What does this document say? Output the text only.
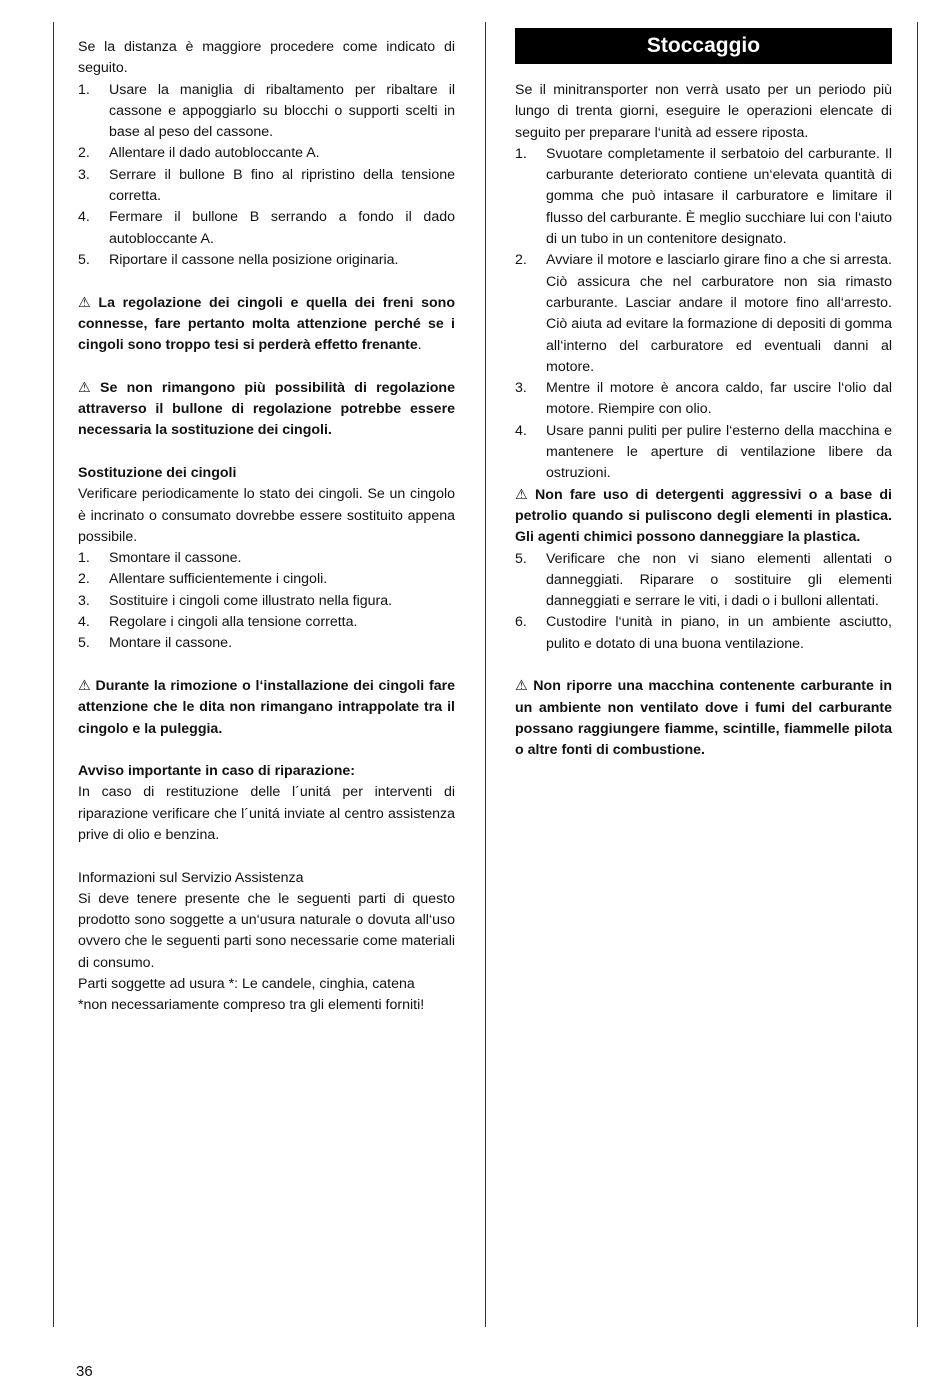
Se la distanza è maggiore procedere come indicato di seguito.

1. Usare la maniglia di ribaltamento per ribaltare il cassone e appoggiarlo su blocchi o supporti scelti in base al peso del cassone.
2. Allentare il dado autobloccante A.
3. Serrare il bullone B fino al ripristino della tensione corretta.
4. Fermare il bullone B serrando a fondo il dado autobloccante A.
5. Riportare il cassone nella posizione originaria.

⚠ La regolazione dei cingoli e quella dei freni sono connesse, fare pertanto molta attenzione perché se i cingoli sono troppo tesi si perderà effetto frenante.

⚠ Se non rimangono più possibilità di regolazione attraverso il bullone di regolazione potrebbe essere necessaria la sostituzione dei cingoli.

Sostituzione dei cingoli

Verificare periodicamente lo stato dei cingoli. Se un cingolo è incrinato o consumato dovrebbe essere sostituito appena possibile.

1. Smontare il cassone.
2. Allentare sufficientemente i cingoli.
3. Sostituire i cingoli come illustrato nella figura.
4. Regolare i cingoli alla tensione corretta.
5. Montare il cassone.

⚠ Durante la rimozione o l‘installazione dei cingoli fare attenzione che le dita non rimangano intrappolate tra il cingolo e la puleggia.

Avviso importante in caso di riparazione:

In caso di restituzione delle l´unitá per interventi di riparazione verificare che l´unitá inviate al centro assistenza prive di olio e benzina.

Informazioni sul Servizio Assistenza

Si deve tenere presente che le seguenti parti di questo prodotto sono soggette a un‘usura naturale o dovuta all‘uso ovvero che le seguenti parti sono necessarie come materiali di consumo.

Parti soggette ad usura *: Le candele, cinghia, catena

*non necessariamente compreso tra gli elementi forniti!

Stoccaggio

Se il minitransporter non verrà usato per un periodo più lungo di trenta giorni, eseguire le operazioni elencate di seguito per preparare l‘unità ad essere riposta.

1. Svuotare completamente il serbatoio del carburante. Il carburante deteriorato contiene un‘elevata quantità di gomma che può intasare il carburatore e limitare il flusso del carburante. È meglio succhiare lui con l‘aiuto di un tubo in un contenitore designato.
2. Avviare il motore e lasciarlo girare fino a che si arresta. Ciò assicura che nel carburatore non sia rimasto carburante. Lasciar andare il motore fino all‘arresto. Ciò aiuta ad evitare la formazione di depositi di gomma all‘interno del carburatore ed eventuali danni al motore.
3. Mentre il motore è ancora caldo, far uscire l‘olio dal motore. Riempire con olio.
4. Usare panni puliti per pulire l‘esterno della macchina e mantenere le aperture di ventilazione libere da ostruzioni.

⚠ Non fare uso di detergenti aggressivi o a base di petrolio quando si puliscono degli elementi in plastica. Gli agenti chimici possono danneggiare la plastica.

5. Verificare che non vi siano elementi allentati o danneggiati. Riparare o sostituire gli elementi danneggiati e serrare le viti, i dadi o i bulloni allentati.
6. Custodire l‘unità in piano, in un ambiente asciutto, pulito e dotato di una buona ventilazione.

⚠ Non riporre una macchina contenente carburante in un ambiente non ventilato dove i fumi del carburante possano raggiungere fiamme, scintille, fiammelle pilota o altre fonti di combustione.

36
